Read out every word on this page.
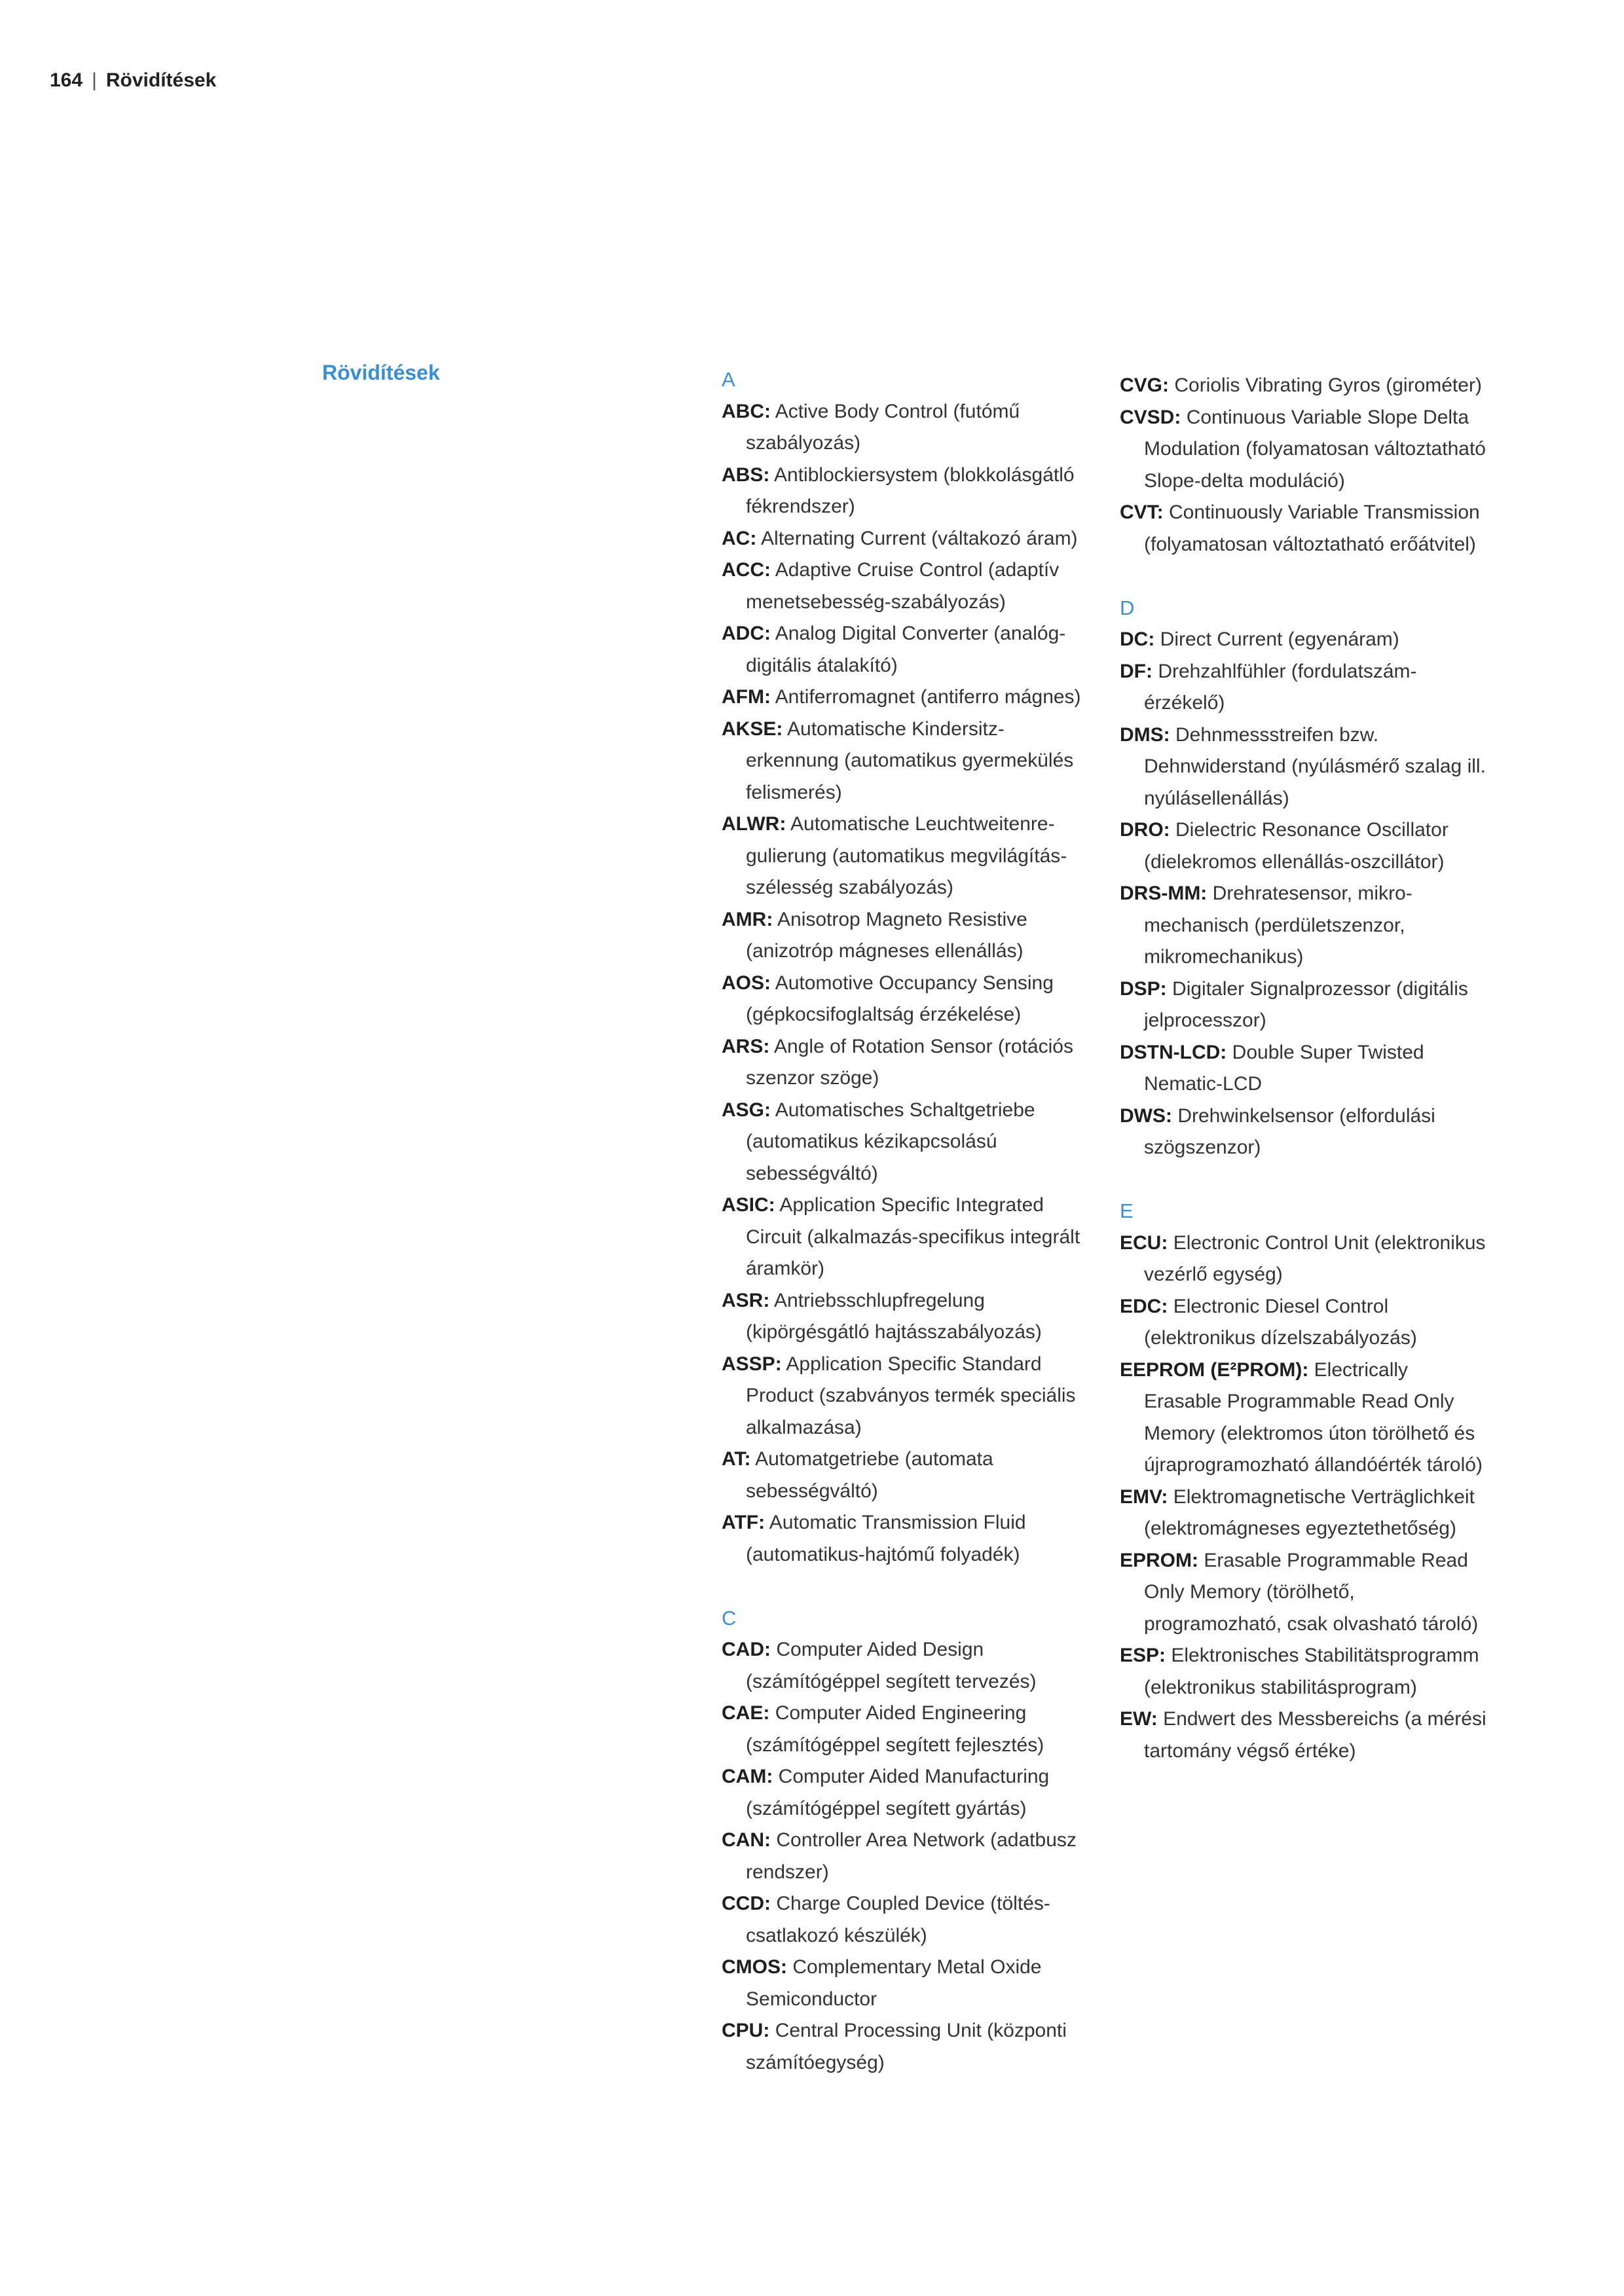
164 | Rövidítések
Rövidítések	A
ABC: Active Body Control (futómű szabályozás)
ABS: Antiblockiersystem (blokkolásgátló fékrendszer)
AC: Alternating Current (váltakozó áram)
ACC: Adaptive Cruise Control (adaptív menetsebesség-szabályozás)
ADC: Analog Digital Converter (analóg-digitális átalakító)
AFM: Antiferromagnet (antiferro mágnes)
AKSE: Automatische Kindersitzerkennung (automatikus gyermekülés felismerés)
ALWR: Automatische Leuchtweitenregulierung (automatikus megvilágítás-szélesség szabályozás)
AMR: Anisotrop Magneto Resistive (anizotróp mágneses ellenállás)
AOS: Automotive Occupancy Sensing (gépkocsifoglaltság érzékelése)
ARS: Angle of Rotation Sensor (rotációs szenzor szöge)
ASG: Automatisches Schaltgetriebe (automatikus kézikapcsolású sebességváltó)
ASIC: Application Specific Integrated Circuit (alkalmazás-specifikus integrált áramkör)
ASR: Antriebsschlupfregelung (kipörgésgátló hajtásszabályozás)
ASSP: Application Specific Standard Product (szabványos termék speciális alkalmazása)
AT: Automatgetriebe (automata sebességváltó)
ATF: Automatic Transmission Fluid (automatikus-hajtómű folyadék)
C
CAD: Computer Aided Design (számítógéppel segített tervezés)
CAE: Computer Aided Engineering (számítógéppel segített fejlesztés)
CAM: Computer Aided Manufacturing (számítógéppel segített gyártás)
CAN: Controller Area Network (adatbusz rendszer)
CCD: Charge Coupled Device (töltéscsatlakozó készülék)
CMOS: Complementary Metal Oxide Semiconductor
CPU: Central Processing Unit (központi számítóegység)
CVG: Coriolis Vibrating Gyros (girométer)
CVSD: Continuous Variable Slope Delta Modulation (folyamatosan változtatható Slope-delta moduláció)
CVT: Continuously Variable Transmission (folyamatosan változtatható erőátvitel)
D
DC: Direct Current (egyenáram)
DF: Drehzahlfühler (fordulatszámérzékelő)
DMS: Dehnmessstreifen bzw. Dehnwiderstand (nyúlásmérő szalag ill. nyúlásellenállás)
DRO: Dielectric Resonance Oscillator (dielekromos ellenállás-oszcillátor)
DRS-MM: Drehratesensor, mikromechanisch (perdületszenzor, mikromechanikus)
DSP: Digitaler Signalprozessor (digitális jelprocesszor)
DSTN-LCD: Double Super Twisted Nematic-LCD
DWS: Drehwinkelsensor (elfordulási szögszenzor)
E
ECU: Electronic Control Unit (elektronikus vezérlő egység)
EDC: Electronic Diesel Control (elektronikus dízelszabályozás)
EEPROM (E²PROM): Electrically Erasable Programmable Read Only Memory (elektromos úton törölhető és újraprogramozható állandóérték tároló)
EMV: Elektromagnetische Verträglichkeit (elektromágneses egyeztethetőség)
EPROM: Erasable Programmable Read Only Memory (törölhető, programozható, csak olvasható tároló)
ESP: Elektronisches Stabilitätsprogramm (elektronikus stabilitásprogram)
EW: Endwert des Messbereichs (a mérési tartomány végső értéke)
